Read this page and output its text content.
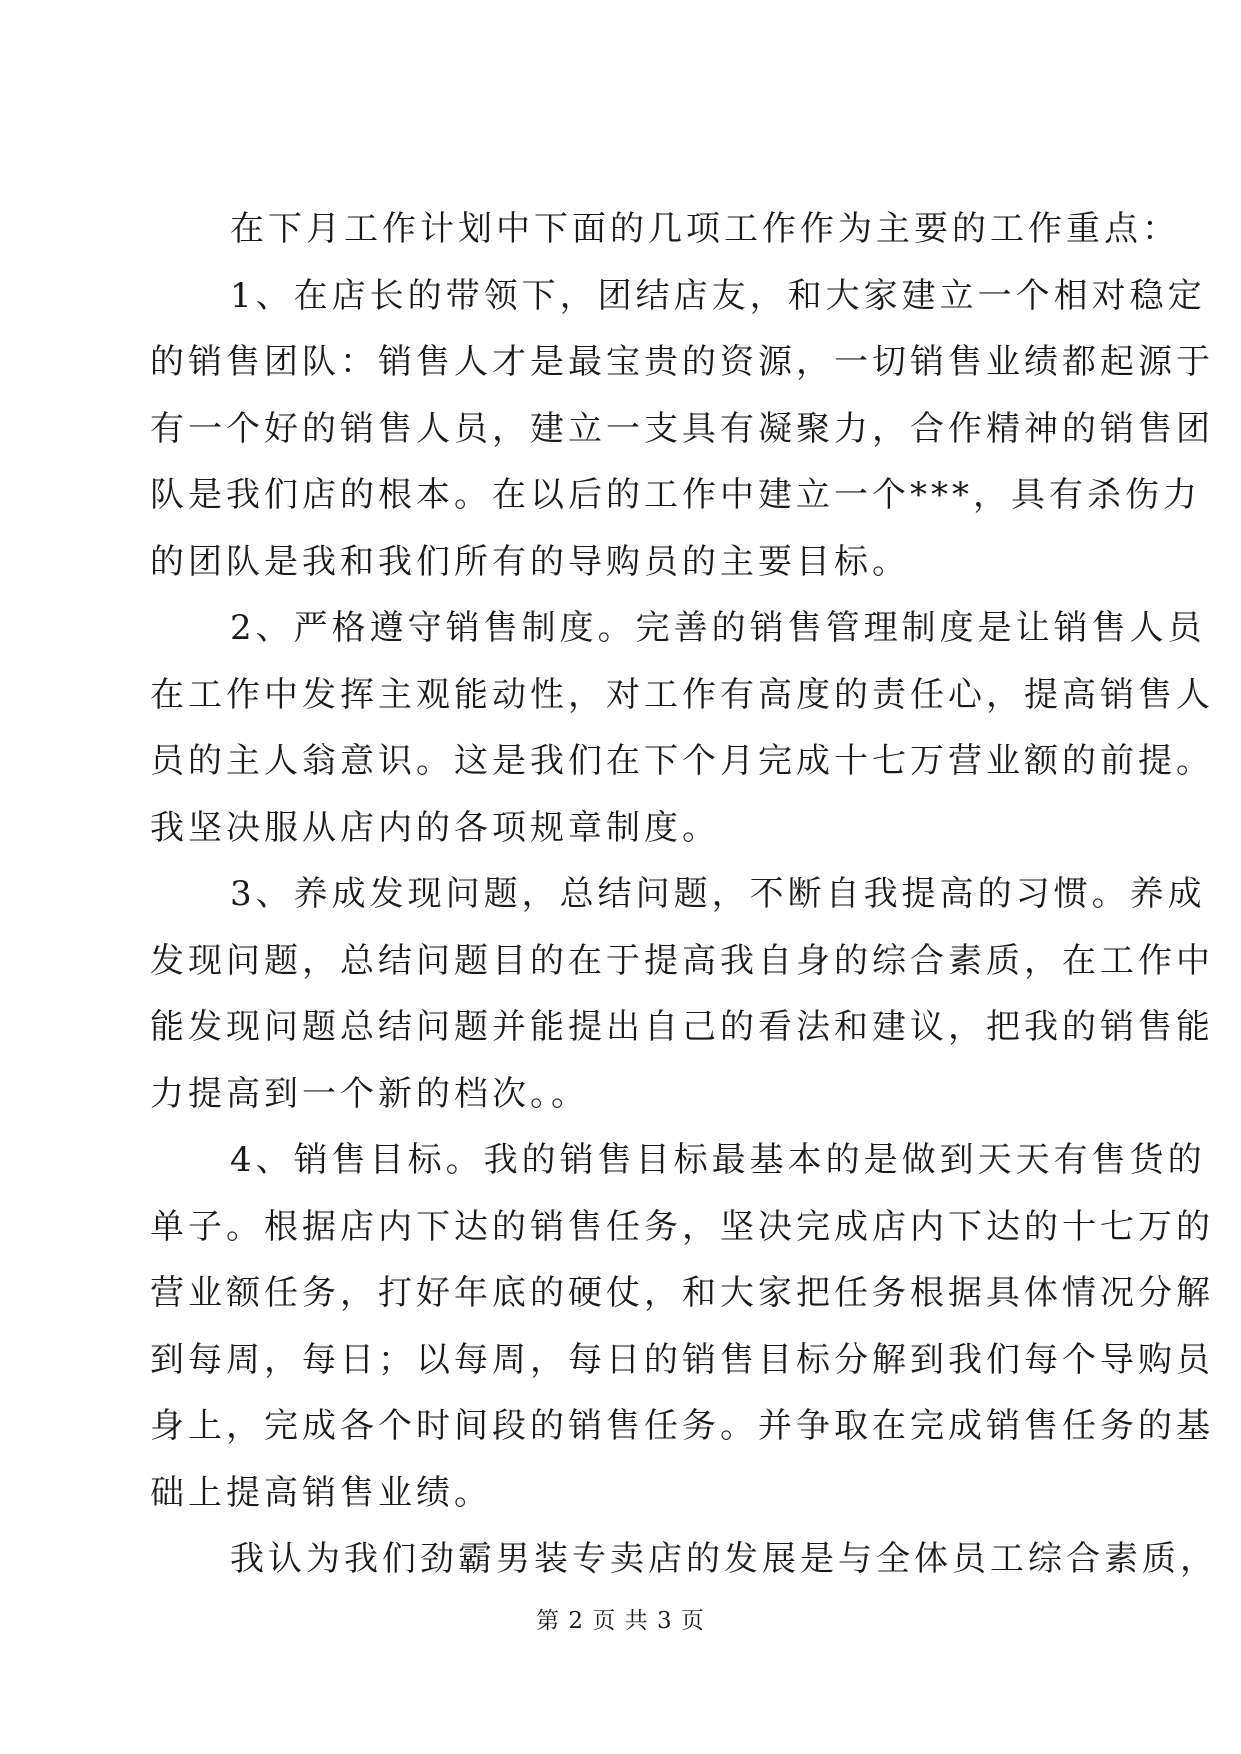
在下月工作计划中下面的几项工作作为主要的工作重点：
1、在店长的带领下，团结店友，和大家建立一个相对稳定
的销售团队：销售人才是最宝贵的资源，一切销售业绩都起源于
有一个好的销售人员，建立一支具有凝聚力，合作精神的销售团
队是我们店的根本。在以后的工作中建立一个***，具有杀伤力
的团队是我和我们所有的导购员的主要目标。
2、严格遵守销售制度。完善的销售管理制度是让销售人员
在工作中发挥主观能动性，对工作有高度的责任心，提高销售人
员的主人翁意识。这是我们在下个月完成十七万营业额的前提。
我坚决服从店内的各项规章制度。
3、养成发现问题，总结问题，不断自我提高的习惯。养成
发现问题，总结问题目的在于提高我自身的综合素质，在工作中
能发现问题总结问题并能提出自己的看法和建议，把我的销售能
力提高到一个新的档次。。
4、销售目标。我的销售目标最基本的是做到天天有售货的
单子。根据店内下达的销售任务，坚决完成店内下达的十七万的
营业额任务，打好年底的硬仗，和大家把任务根据具体情况分解
到每周，每日；以每周，每日的销售目标分解到我们每个导购员
身上，完成各个时间段的销售任务。并争取在完成销售任务的基
础上提高销售业绩。
我认为我们劲霸男装专卖店的发展是与全体员工综合素质，
第 2 页 共 3 页
